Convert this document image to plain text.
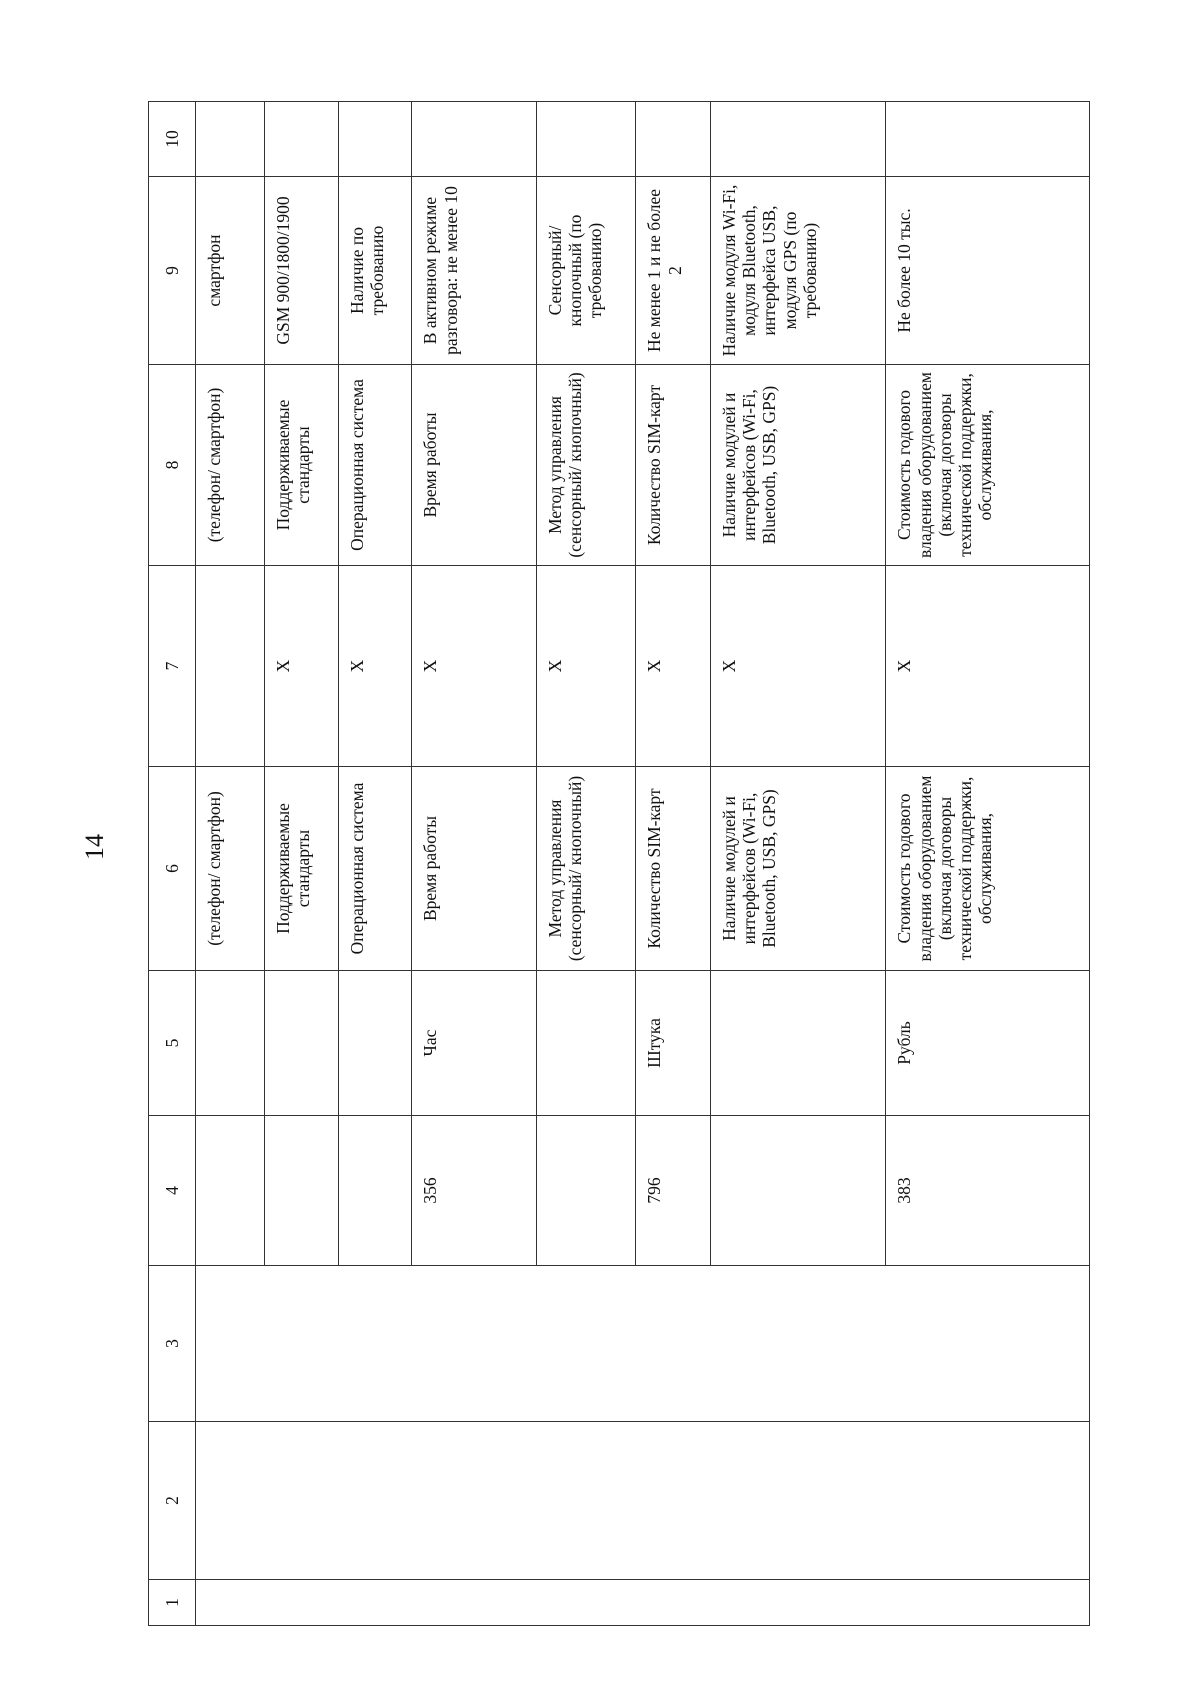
14
1	2	3	4	5	6	7	8	9	10
					(телефон/ смартфон)		(телефон/ смартфон)	смартфон	
					Поддерживаемые стандарты	X	Поддерживаемые стандарты	GSM 900/1800/1900	
					Операционная система	X	Операционная система	Наличие по требованию	
			356	Час	Время работы	X	Время работы	В активном режиме разговора: не менее 10	
					Метод управления (сенсорный/ кнопочный)	X	Метод управления (сенсорный/ кнопочный)	Сенсорный/ кнопочный (по требованию)	
			796	Штука	Количество SIM-карт	X	Количество SIM-карт	Не менее 1 и не более 2	
					Наличие модулей и интерфейсов (Wi-Fi, Bluetooth, USB, GPS)	X	Наличие модулей и интерфейсов (Wi-Fi, Bluetooth, USB, GPS)	Наличие модуля Wi-Fi, модуля Bluetooth, интерфейса USB, модуля GPS (по требованию)	
			383	Рубль	Стоимость годового владения оборудованием (включая договоры технической поддержки, обслуживания,	X	Стоимость годового владения оборудованием (включая договоры технической поддержки, обслуживания,	Не более 10 тыс.	
